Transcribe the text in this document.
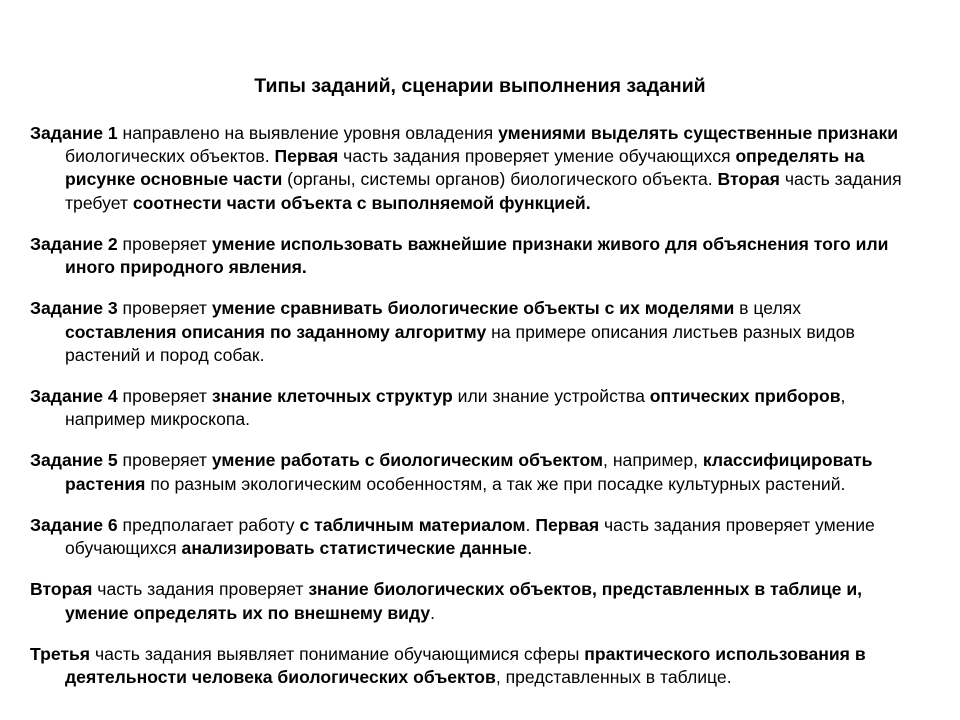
Типы заданий, сценарии выполнения заданий

Задание 1 направлено на выявление уровня овладения умениями выделять существенные признаки биологических объектов. Первая часть задания проверяет умение обучающихся определять на рисунке основные части (органы, системы органов) биологического объекта. Вторая часть задания требует соотнести части объекта с выполняемой функцией.

Задание 2 проверяет умение использовать важнейшие признаки живого для объяснения того или иного природного явления.

Задание 3 проверяет умение сравнивать биологические объекты с их моделями в целях составления описания по заданному алгоритму на примере описания листьев разных видов растений и пород собак.

Задание 4 проверяет знание клеточных структур или знание устройства оптических приборов, например микроскопа.

Задание 5 проверяет умение работать с биологическим объектом, например, классифицировать растения по разным экологическим особенностям, а так же при посадке культурных растений.

Задание 6 предполагает работу с табличным материалом. Первая часть задания проверяет умение обучающихся анализировать статистические данные.

Вторая часть задания проверяет знание биологических объектов, представленных в таблице и, умение определять их по внешнему виду.

Третья часть задания выявляет понимание обучающимися сферы практического использования в деятельности человека биологических объектов, представленных в таблице.
